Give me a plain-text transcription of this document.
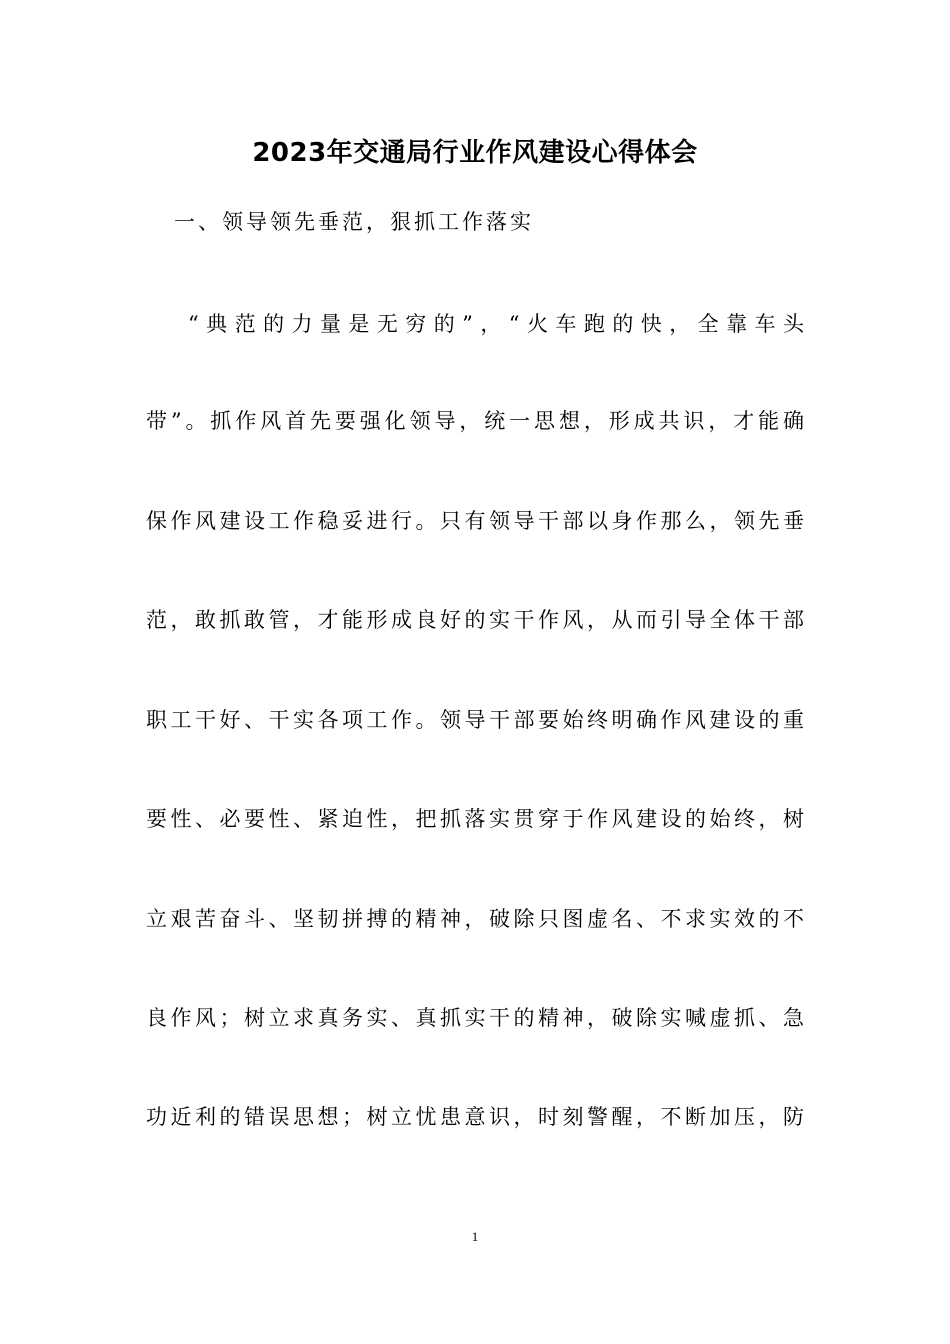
2023年交通局行业作风建设心得体会
一、领导领先垂范，狠抓工作落实
“典范的力量是无穷的”，“火车跑的快，全靠车头
带”。抓作风首先要强化领导，统一思想，形成共识，才能确
保作风建设工作稳妥进行。只有领导干部以身作那么，领先垂
范，敢抓敢管，才能形成良好的实干作风，从而引导全体干部
职工干好、干实各项工作。领导干部要始终明确作风建设的重
要性、必要性、紧迫性，把抓落实贯穿于作风建设的始终，树
立艰苦奋斗、坚韧拼搏的精神，破除只图虚名、不求实效的不
良作风；树立求真务实、真抓实干的精神，破除实喊虚抓、急
功近利的错误思想；树立忧患意识，时刻警醒，不断加压，防
1
